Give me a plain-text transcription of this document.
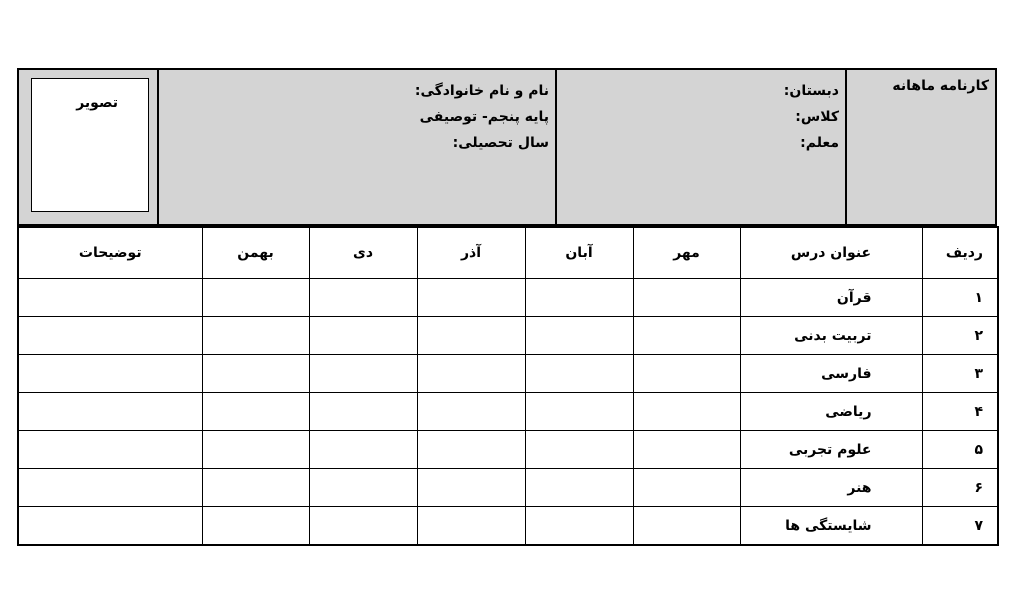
کارنامه ماهانه
دبستان:
کلاس:
معلم:
نام و نام خانوادگی:
پایه پنجم- توصیفی
سال تحصیلی:
تصویر
ردیف	عنوان درس	مهر	آبان	آذر	دی	بهمن	توضیحات
۱	قرآن						
۲	تربیت بدنی						
۳	فارسی						
۴	ریاضی						
۵	علوم تجربی						
۶	هنر						
۷	شایستگی ها						
